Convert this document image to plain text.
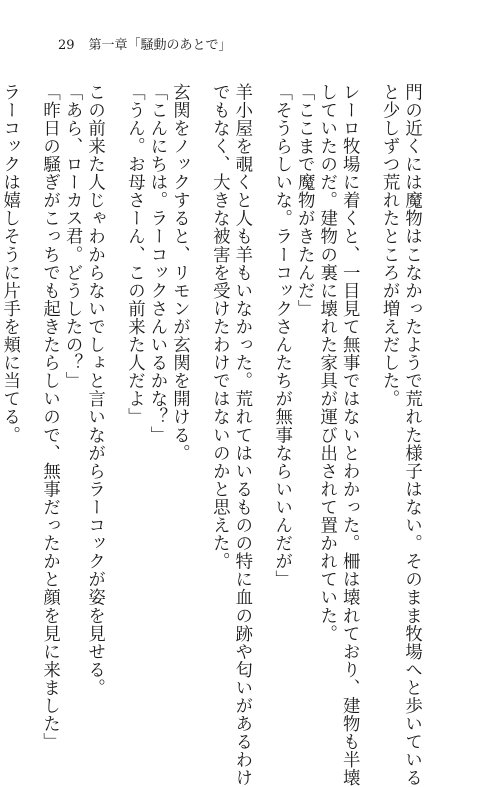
29 第一章「騒動のあとで」
門の近くには魔物はこなかったようで荒れた様子はない。そのまま牧場へと歩いている
と少しずつ荒れたところが増えだした。
レーロ牧場に着くと、一目見て無事ではないとわかった。柵は壊れており、建物も半壊
していたのだ。建物の裏に壊れた家具が運び出されて置かれていた。
「ここまで魔物がきたんだ」
「そうらしいな。ラーコックさんたちが無事ならいいんだが」
羊小屋を覗くと人も羊もいなかった。荒れてはいるものの特に血の跡や匂いがあるわけ
でもなく、大きな被害を受けたわけではないのかと思えた。
玄関をノックすると、リモンが玄関を開ける。
「こんにちは。ラーコックさんいるかな？」
「うん。お母さーん、この前来た人だよ」
この前来た人じゃわからないでしょと言いながらラーコックが姿を見せる。
「あら、ローカス君。どうしたの？」
「昨日の騒ぎがこっちでも起きたらしいので、無事だったかと顔を見に来ました」
ラーコックは嬉しそうに片手を頬に当てる。
